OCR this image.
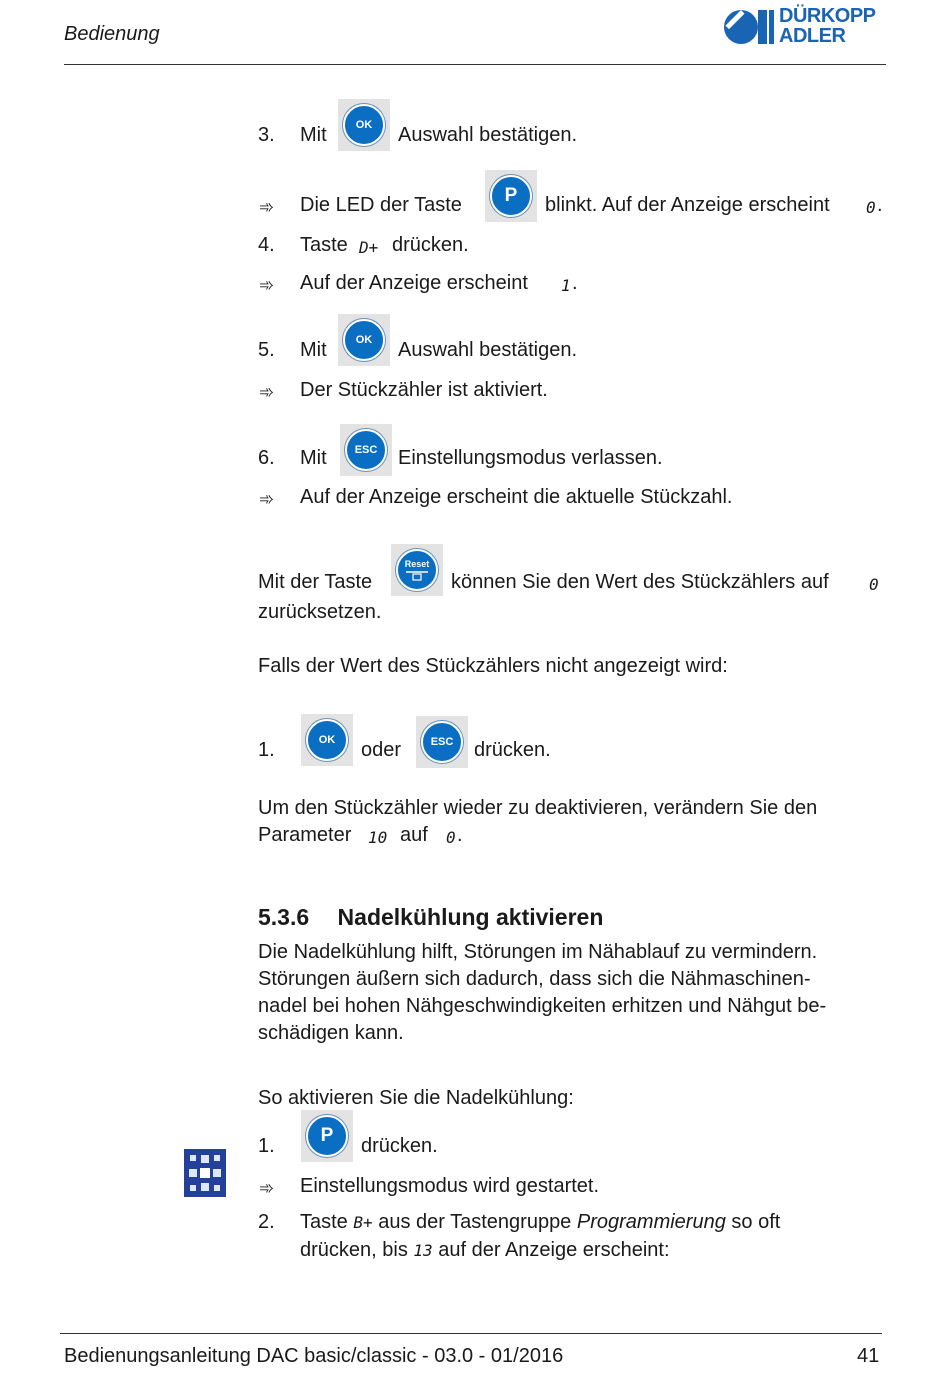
Bedienung
DÜRKOPP
ADLER
3. Mit	OK	Auswahl bestätigen.
➾ Die LED der Taste	P	blinkt. Auf der Anzeige erscheint 0 .
4. Taste D+ drücken.
➾ Auf der Anzeige erscheint 1 .
5. Mit	OK	Auswahl bestätigen.
➾ Der Stückzähler ist aktiviert.
6. Mit	ESC	Einstellungsmodus verlassen.
➾ Auf der Anzeige erscheint die aktuelle Stückzahl.
Mit der Taste
Reset
können Sie den Wert des Stückzählers auf	0
zurücksetzen.
Falls der Wert des Stückzählers nicht angezeigt wird:
1.	OK	oder	ESC	drücken.
Um den Stückzähler wieder zu deaktivieren, verändern Sie den
Parameter 10 auf 0 .
5.3.6 Nadelkühlung aktivieren
Die Nadelkühlung hilft, Störungen im Nähablauf zu vermindern.
Störungen äußern sich dadurch, dass sich die Nähmaschinen-
nadel bei hohen Nähgeschwindigkeiten erhitzen und Nähgut be-
schädigen kann.
So aktivieren Sie die Nadelkühlung:
1.	P	drücken.
➾ Einstellungsmodus wird gestartet.
2. Taste B+ aus der Tastengruppe Programmierung so oft
drücken, bis 13 auf der Anzeige erscheint:
Bedienungsanleitung DAC basic/classic - 03.0 - 01/2016	41
